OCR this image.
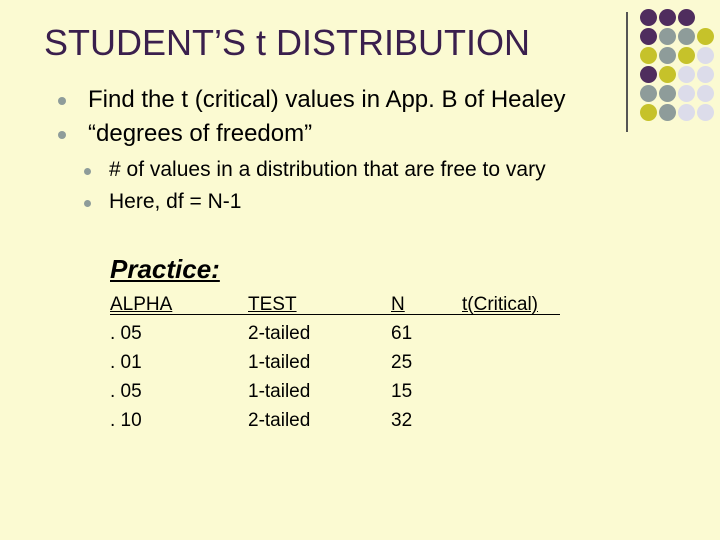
STUDENT’S t DISTRIBUTION
Find the t (critical) values in App. B of Healey
“degrees of freedom”
# of values in a distribution that are free to vary
Here, df = N-1
Practice:
ALPHA
. 05
. 01
. 05
. 10
TEST
2-tailed
1-tailed
1-tailed
2-tailed
N
61
25
15
32
t(Critical)
